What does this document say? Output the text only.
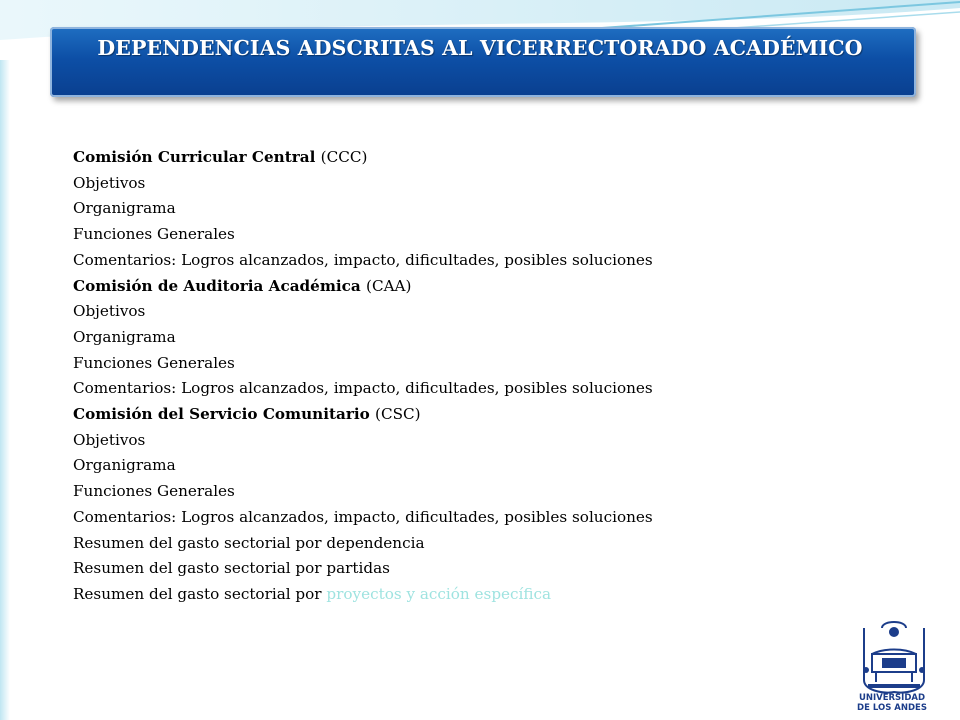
DEPENDENCIAS ADSCRITAS AL VICERRECTORADO ACADÉMICO
Comisión Curricular Central (CCC)
Objetivos
Organigrama
Funciones Generales
Comentarios: Logros alcanzados, impacto, dificultades, posibles soluciones
Comisión de Auditoria Académica (CAA)
Objetivos
Organigrama
Funciones Generales
Comentarios: Logros alcanzados, impacto, dificultades, posibles soluciones
Comisión del Servicio Comunitario (CSC)
Objetivos
Organigrama
Funciones Generales
Comentarios: Logros alcanzados, impacto, dificultades, posibles soluciones
Resumen del gasto sectorial por dependencia
Resumen del gasto sectorial por partidas
Resumen del gasto sectorial por proyectos y acción específica
UNIVERSIDAD
DE LOS ANDES
